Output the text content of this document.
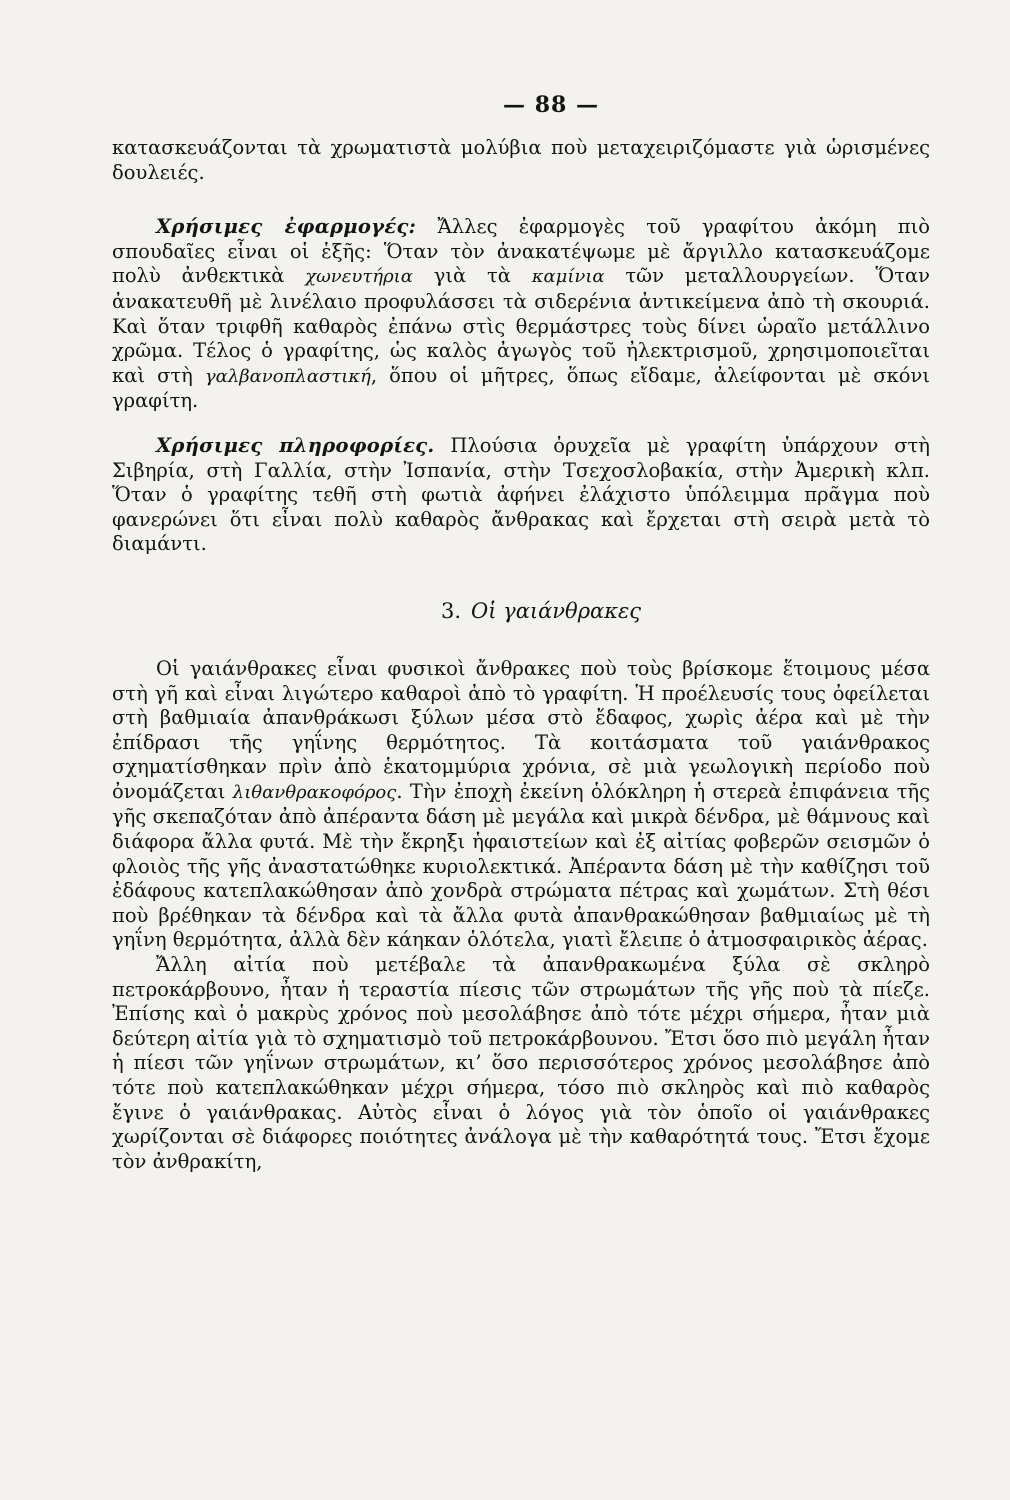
— 88 —

κατασκευάζονται τὰ χρωματιστὰ μολύβια ποὺ μεταχειριζόμαστε γιὰ ὡρισμένες δουλειές.

Χρήσιμες ἐφαρμογές: Ἄλλες ἐφαρμογὲς τοῦ γραφίτου ἀκόμη πιὸ σπουδαῖες εἶναι οἱ ἑξῆς: Ὅταν τὸν ἀνακατέψωμε μὲ ἄργιλλο κατασκευάζομε πολὺ ἀνθεκτικὰ χωνευτήρια γιὰ τὰ καμίνια τῶν μεταλλουργείων. Ὅταν ἀνακατευθῆ μὲ λινέλαιο προφυλάσσει τὰ σιδερένια ἀντικείμενα ἀπὸ τὴ σκουριά. Καὶ ὅταν τριφθῆ καθαρὸς ἐπάνω στὶς θερμάστρες τοὺς δίνει ὡραῖο μετάλλινο χρῶμα. Τέλος ὁ γραφίτης, ὡς καλὸς ἀγωγὸς τοῦ ἠλεκτρισμοῦ, χρησιμοποιεῖται καὶ στὴ γαλβανοπλαστική, ὅπου οἱ μῆτρες, ὅπως εἴδαμε, ἀλείφονται μὲ σκόνι γραφίτη.

Χρήσιμες πληροφορίες. Πλούσια ὀρυχεῖα μὲ γραφίτη ὑπάρχουν στὴ Σιβηρία, στὴ Γαλλία, στὴν Ἰσπανία, στὴν Τσεχοσλοβακία, στὴν Ἀμερικὴ κλπ. Ὅταν ὁ γραφίτης τεθῆ στὴ φωτιὰ ἀφήνει ἐλάχιστο ὑπόλειμμα πρᾶγμα ποὺ φανερώνει ὅτι εἶναι πολὺ καθαρὸς ἄνθρακας καὶ ἔρχεται στὴ σειρὰ μετὰ τὸ διαμάντι.

3. Οἱ γαιάνθρακες

Οἱ γαιάνθρακες εἶναι φυσικοὶ ἄνθρακες ποὺ τοὺς βρίσκομε ἕτοιμους μέσα στὴ γῆ καὶ εἶναι λιγώτερο καθαροὶ ἀπὸ τὸ γραφίτη. Ἡ προέλευσίς τους ὀφείλεται στὴ βαθμιαία ἀπανθράκωσι ξύλων μέσα στὸ ἔδαφος, χωρὶς ἀέρα καὶ μὲ τὴν ἐπίδρασι τῆς γηΐνης θερμότητος. Τὰ κοιτάσματα τοῦ γαιάνθρακος σχηματίσθηκαν πρὶν ἀπὸ ἑκατομμύρια χρόνια, σὲ μιὰ γεωλογικὴ περίοδο ποὺ ὀνομάζεται λιθανθρακοφόρος. Τὴν ἐποχὴ ἐκείνη ὁλόκληρη ἡ στερεὰ ἐπιφάνεια τῆς γῆς σκεπαζόταν ἀπὸ ἀπέραντα δάση μὲ μεγάλα καὶ μικρὰ δένδρα, μὲ θάμνους καὶ διάφορα ἄλλα φυτά. Μὲ τὴν ἔκρηξι ἡφαιστείων καὶ ἐξ αἰτίας φοβερῶν σεισμῶν ὁ φλοιὸς τῆς γῆς ἀναστατώθηκε κυριολεκτικά. Ἀπέραντα δάση μὲ τὴν καθίζησι τοῦ ἐδάφους κατεπλακώθησαν ἀπὸ χονδρὰ στρώματα πέτρας καὶ χωμάτων. Στὴ θέσι ποὺ βρέθηκαν τὰ δένδρα καὶ τὰ ἄλλα φυτὰ ἀπανθρακώθησαν βαθμιαίως μὲ τὴ γηΐνη θερμότητα, ἀλλὰ δὲν κάηκαν ὁλότελα, γιατὶ ἔλειπε ὁ ἀτμοσφαιρικὸς ἀέρας.

Ἄλλη αἰτία ποὺ μετέβαλε τὰ ἀπανθρακωμένα ξύλα σὲ σκληρὸ πετροκάρβουνο, ἦταν ἡ τεραστία πίεσις τῶν στρωμάτων τῆς γῆς ποὺ τὰ πίεζε. Ἐπίσης καὶ ὁ μακρὺς χρόνος ποὺ μεσολάβησε ἀπὸ τότε μέχρι σήμερα, ἦταν μιὰ δεύτερη αἰτία γιὰ τὸ σχηματισμὸ τοῦ πετροκάρβουνου. Ἔτσι ὅσο πιὸ μεγάλη ἦταν ἡ πίεσι τῶν γηΐνων στρωμάτων, κι’ ὅσο περισσότερος χρόνος μεσολάβησε ἀπὸ τότε ποὺ κατεπλακώθηκαν μέχρι σήμερα, τόσο πιὸ σκληρὸς καὶ πιὸ καθαρὸς ἔγινε ὁ γαιάνθρακας. Αὐτὸς εἶναι ὁ λόγος γιὰ τὸν ὁποῖο οἱ γαιάνθρακες χωρίζονται σὲ διάφορες ποιότητες ἀνάλογα μὲ τὴν καθαρότητά τους. Ἔτσι ἔχομε τὸν ἀνθρακίτη,
